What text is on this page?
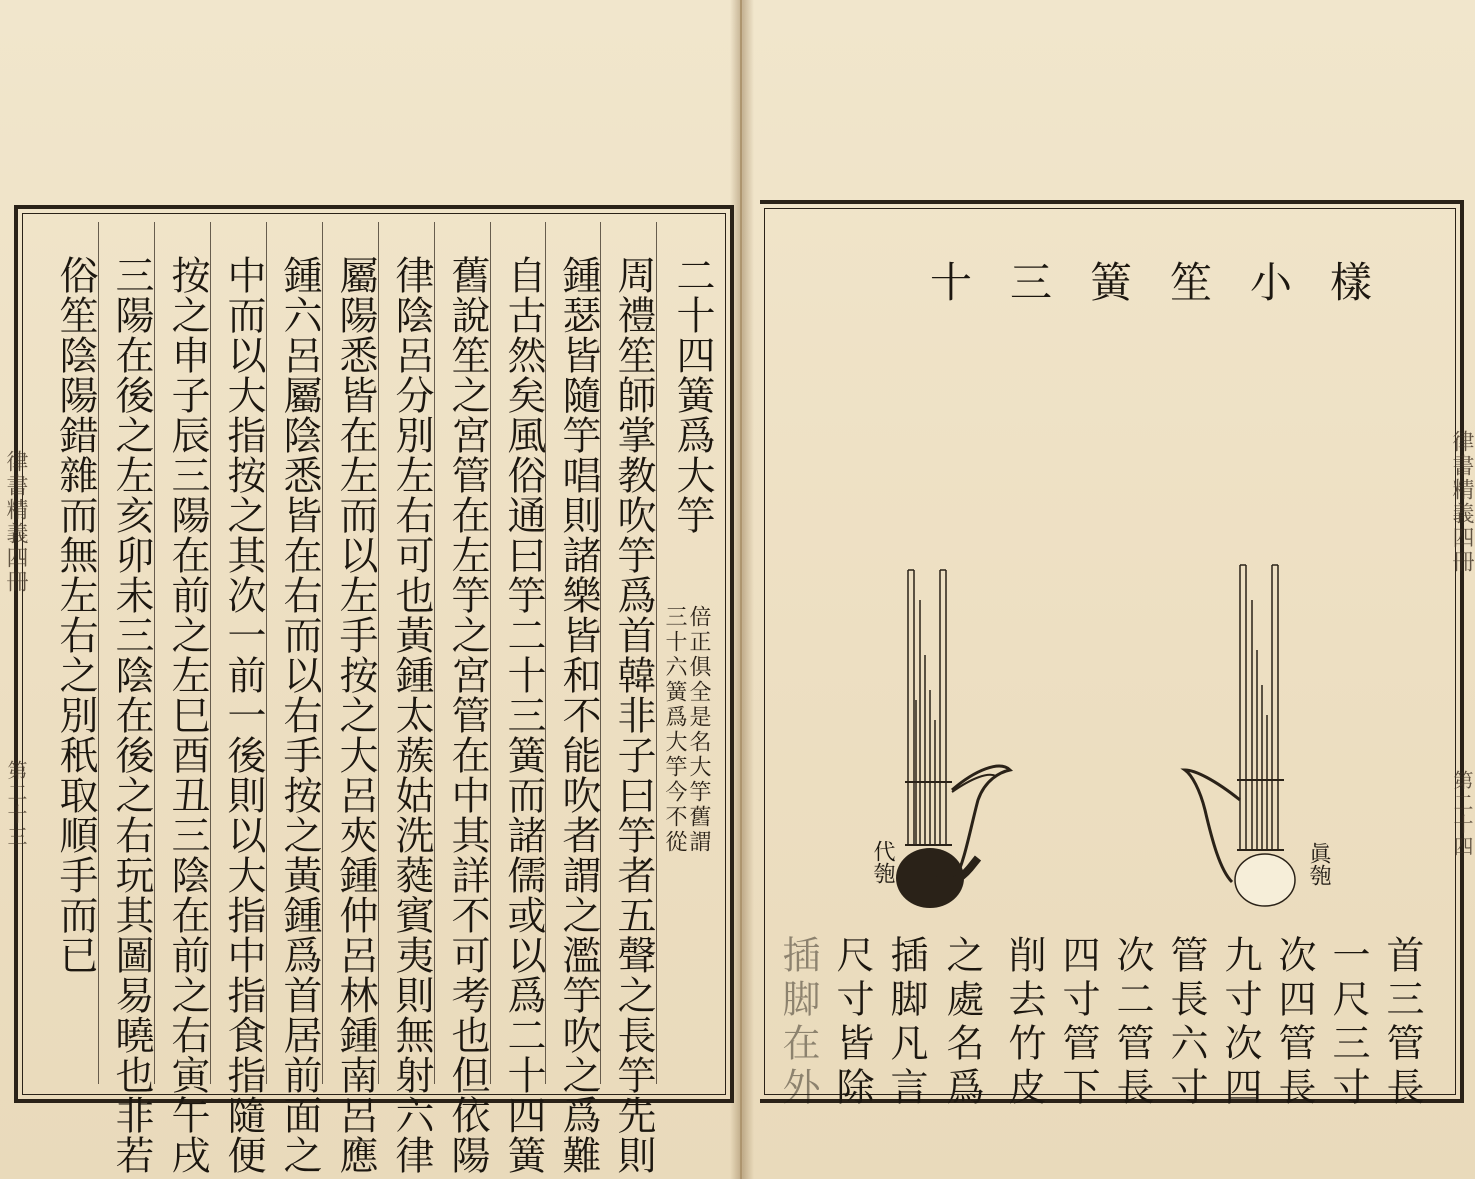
二十四簧爲大竽
倍正俱全是名大竽舊謂
三十六簧爲大竽今不從
周禮笙師掌教吹竽爲首韓非子曰竽者五聲之長竽先則
鍾瑟皆隨竽唱則諸樂皆和不能吹者謂之濫竽吹之爲難
自古然矣風俗通曰竽二十三簧而諸儒或以爲二十四簧
舊說笙之宮管在左竽之宮管在中其詳不可考也但依陽
律陰呂分別左右可也黃鍾太蔟姑洗蕤賓夷則無射六律
屬陽悉皆在左而以左手按之大呂夾鍾仲呂林鍾南呂應
鍾六呂屬陰悉皆在右而以右手按之黃鍾爲首居前面之
中而以大指按之其次一前一後則以大指中指食指隨便
按之申子辰三陽在前之左巳酉丑三陰在前之右寅午戌
三陽在後之左亥卯未三陰在後之右玩其圖易曉也非若
俗笙陰陽錯雜而無左右之別秖取順手而已
律書精義四冊
第二十三
十三簧笙小樣
代匏	眞匏
首三管長
一尺三寸
次四管長
九寸次四
管長六寸
次二管長
四寸管下
削去竹皮
之處名爲
插脚凡言
尺寸皆除
插脚在外
律書精義四冊
第二十四
